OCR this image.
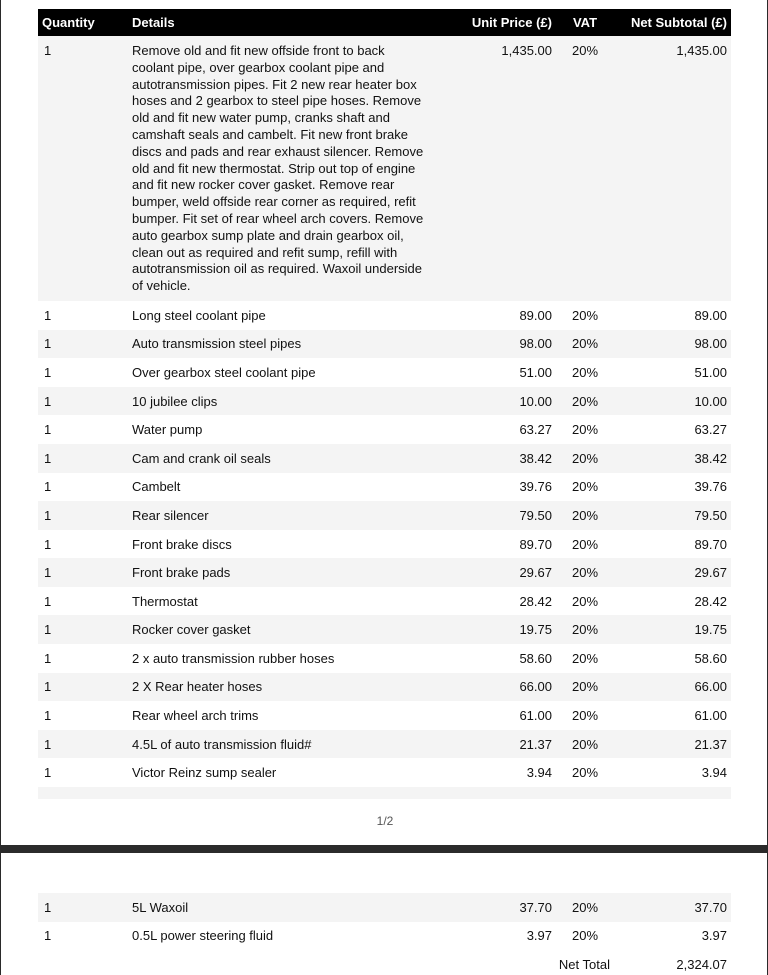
Quantity	Details	Unit Price (£)	VAT	Net Subtotal (£)
1	Remove old and fit new offside front to back coolant pipe, over gearbox coolant pipe and autotransmission pipes. Fit 2 new rear heater box hoses and 2 gearbox to steel pipe hoses. Remove old and fit new water pump, cranks shaft and camshaft seals and cambelt. Fit new front brake discs and pads and rear exhaust silencer. Remove old and fit new thermostat. Strip out top of engine and fit new rocker cover gasket. Remove rear bumper, weld offside rear corner as required, refit bumper. Fit set of rear wheel arch covers. Remove auto gearbox sump plate and drain gearbox oil, clean out as required and refit sump, refill with autotransmission oil as required. Waxoil underside of vehicle.	1,435.00	20%	1,435.00
1	Long steel coolant pipe	89.00	20%	89.00
1	Auto transmission steel pipes	98.00	20%	98.00
1	Over gearbox steel coolant pipe	51.00	20%	51.00
1	10 jubilee clips	10.00	20%	10.00
1	Water pump	63.27	20%	63.27
1	Cam and crank oil seals	38.42	20%	38.42
1	Cambelt	39.76	20%	39.76
1	Rear silencer	79.50	20%	79.50
1	Front brake discs	89.70	20%	89.70
1	Front brake pads	29.67	20%	29.67
1	Thermostat	28.42	20%	28.42
1	Rocker cover gasket	19.75	20%	19.75
1	2 x auto transmission rubber hoses	58.60	20%	58.60
1	2 X Rear heater hoses	66.00	20%	66.00
1	Rear wheel arch trims	61.00	20%	61.00
1	4.5L of auto transmission fluid#	21.37	20%	21.37
1	Victor Reinz sump sealer	3.94	20%	3.94

1/2
1	5L Waxoil	37.70	20%	37.70
1	0.5L power steering fluid	3.97	20%	3.97
		Net Total		2,324.07
